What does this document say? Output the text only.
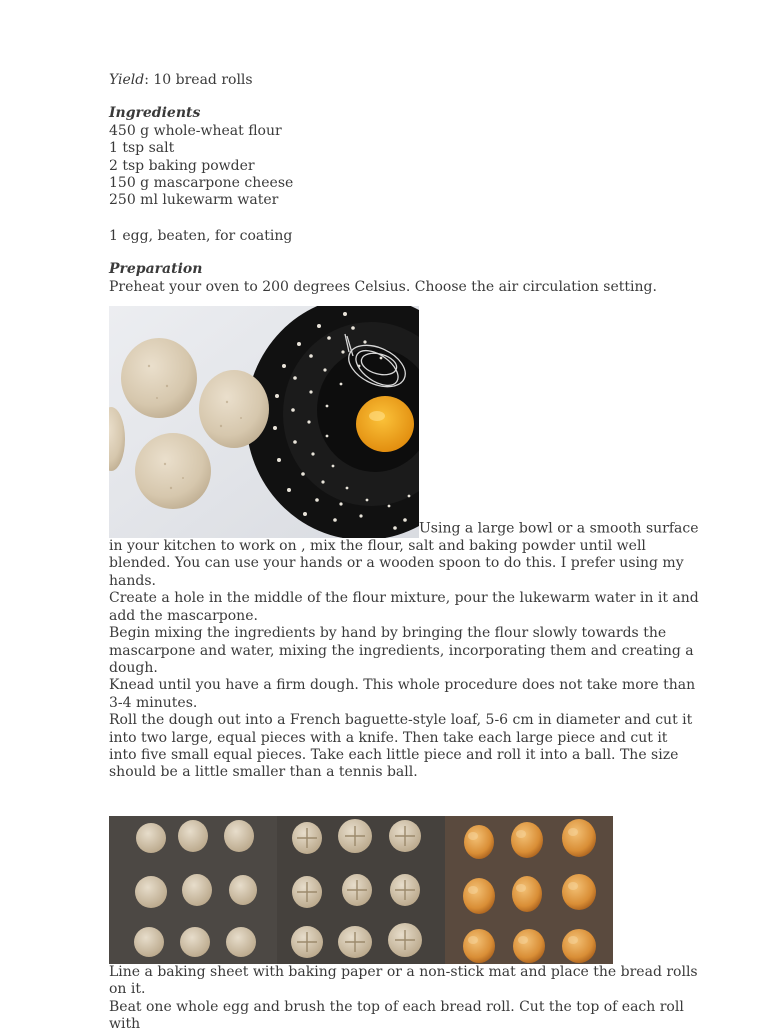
Yield: 10 bread rolls

Ingredients

450 g whole-wheat flour

1 tsp salt

2 tsp baking powder

150 g mascarpone cheese

250 ml lukewarm water

1 egg, beaten, for coating

Preparation

Preheat your oven to 200 degrees Celsius. Choose the air circulation setting.

Using a large bowl or a smooth surface in your kitchen to work on , mix the flour, salt and baking powder until well blended. You can use your hands or a wooden spoon to do this. I prefer using my hands.

Create a hole in the middle of the flour mixture, pour the lukewarm water in it and add the mascarpone.

Begin mixing the ingredients by hand by bringing the flour slowly towards the mascarpone and water, mixing the ingredients, incorporating them and creating a dough.

Knead until you have a firm dough. This whole procedure does not take more than 3-4 minutes.

Roll the dough out into a French baguette-style loaf, 5-6 cm in diameter and cut it into two large, equal pieces with a knife. Then take each large piece and cut it into five small equal pieces. Take each little piece and roll it into a ball. The size should be a little smaller than a tennis ball.

Line a baking sheet with baking paper or a non-stick mat and place the bread rolls on it.

Beat one whole egg and brush the top of each bread roll. Cut the top of each roll with
